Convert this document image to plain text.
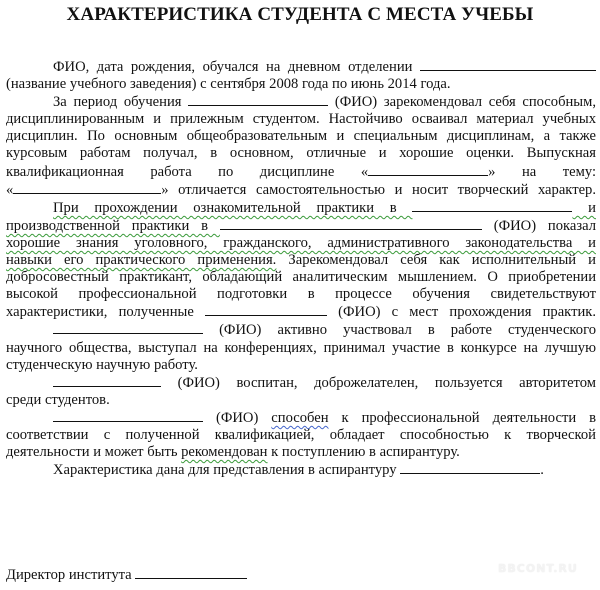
ХАРАКТЕРИСТИКА СТУДЕНТА С МЕСТА УЧЕБЫ
ФИО, дата рождения, обучался на дневном отделении
(название учебного заведения) с сентября 2008 года по июнь 2014 года.
За период обучения	(ФИО) зарекомендовал себя способным,
дисциплинированным и прилежным студентом. Настойчиво осваивал материал учебных
дисциплин. По основным общеобразовательным и специальным дисциплинам, а также
курсовым работам получал, в основном, отличные и хорошие оценки. Выпускная
квалификационная работа по дисциплине «	» на тему:
«	» отличается самостоятельностью и носит творческий характер.
При прохождении ознакомительной практики в	и
производственной практики в	(ФИО) показал
хорошие знания уголовного, гражданского, административного законодательства и
навыки его практического применения. Зарекомендовал себя как исполнительный и
добросовестный практикант, обладающий аналитическим мышлением. О приобретении
высокой профессиональной подготовки в процессе обучения свидетельствуют
характеристики, полученные	(ФИО) с мест прохождения практик.
(ФИО) активно участвовал в работе студенческого
научного общества, выступал на конференциях, принимал участие в конкурсе на лучшую
студенческую научную работу.
(ФИО) воспитан, доброжелателен, пользуется авторитетом
среди студентов.
(ФИО) способен к профессиональной деятельности в
соответствии с полученной квалификацией, обладает способностью к творческой
деятельности и может быть рекомендован к поступлению в аспирантуру.
Характеристика дана для представления в аспирантуру	.
Директор института	BBCONT.RU
